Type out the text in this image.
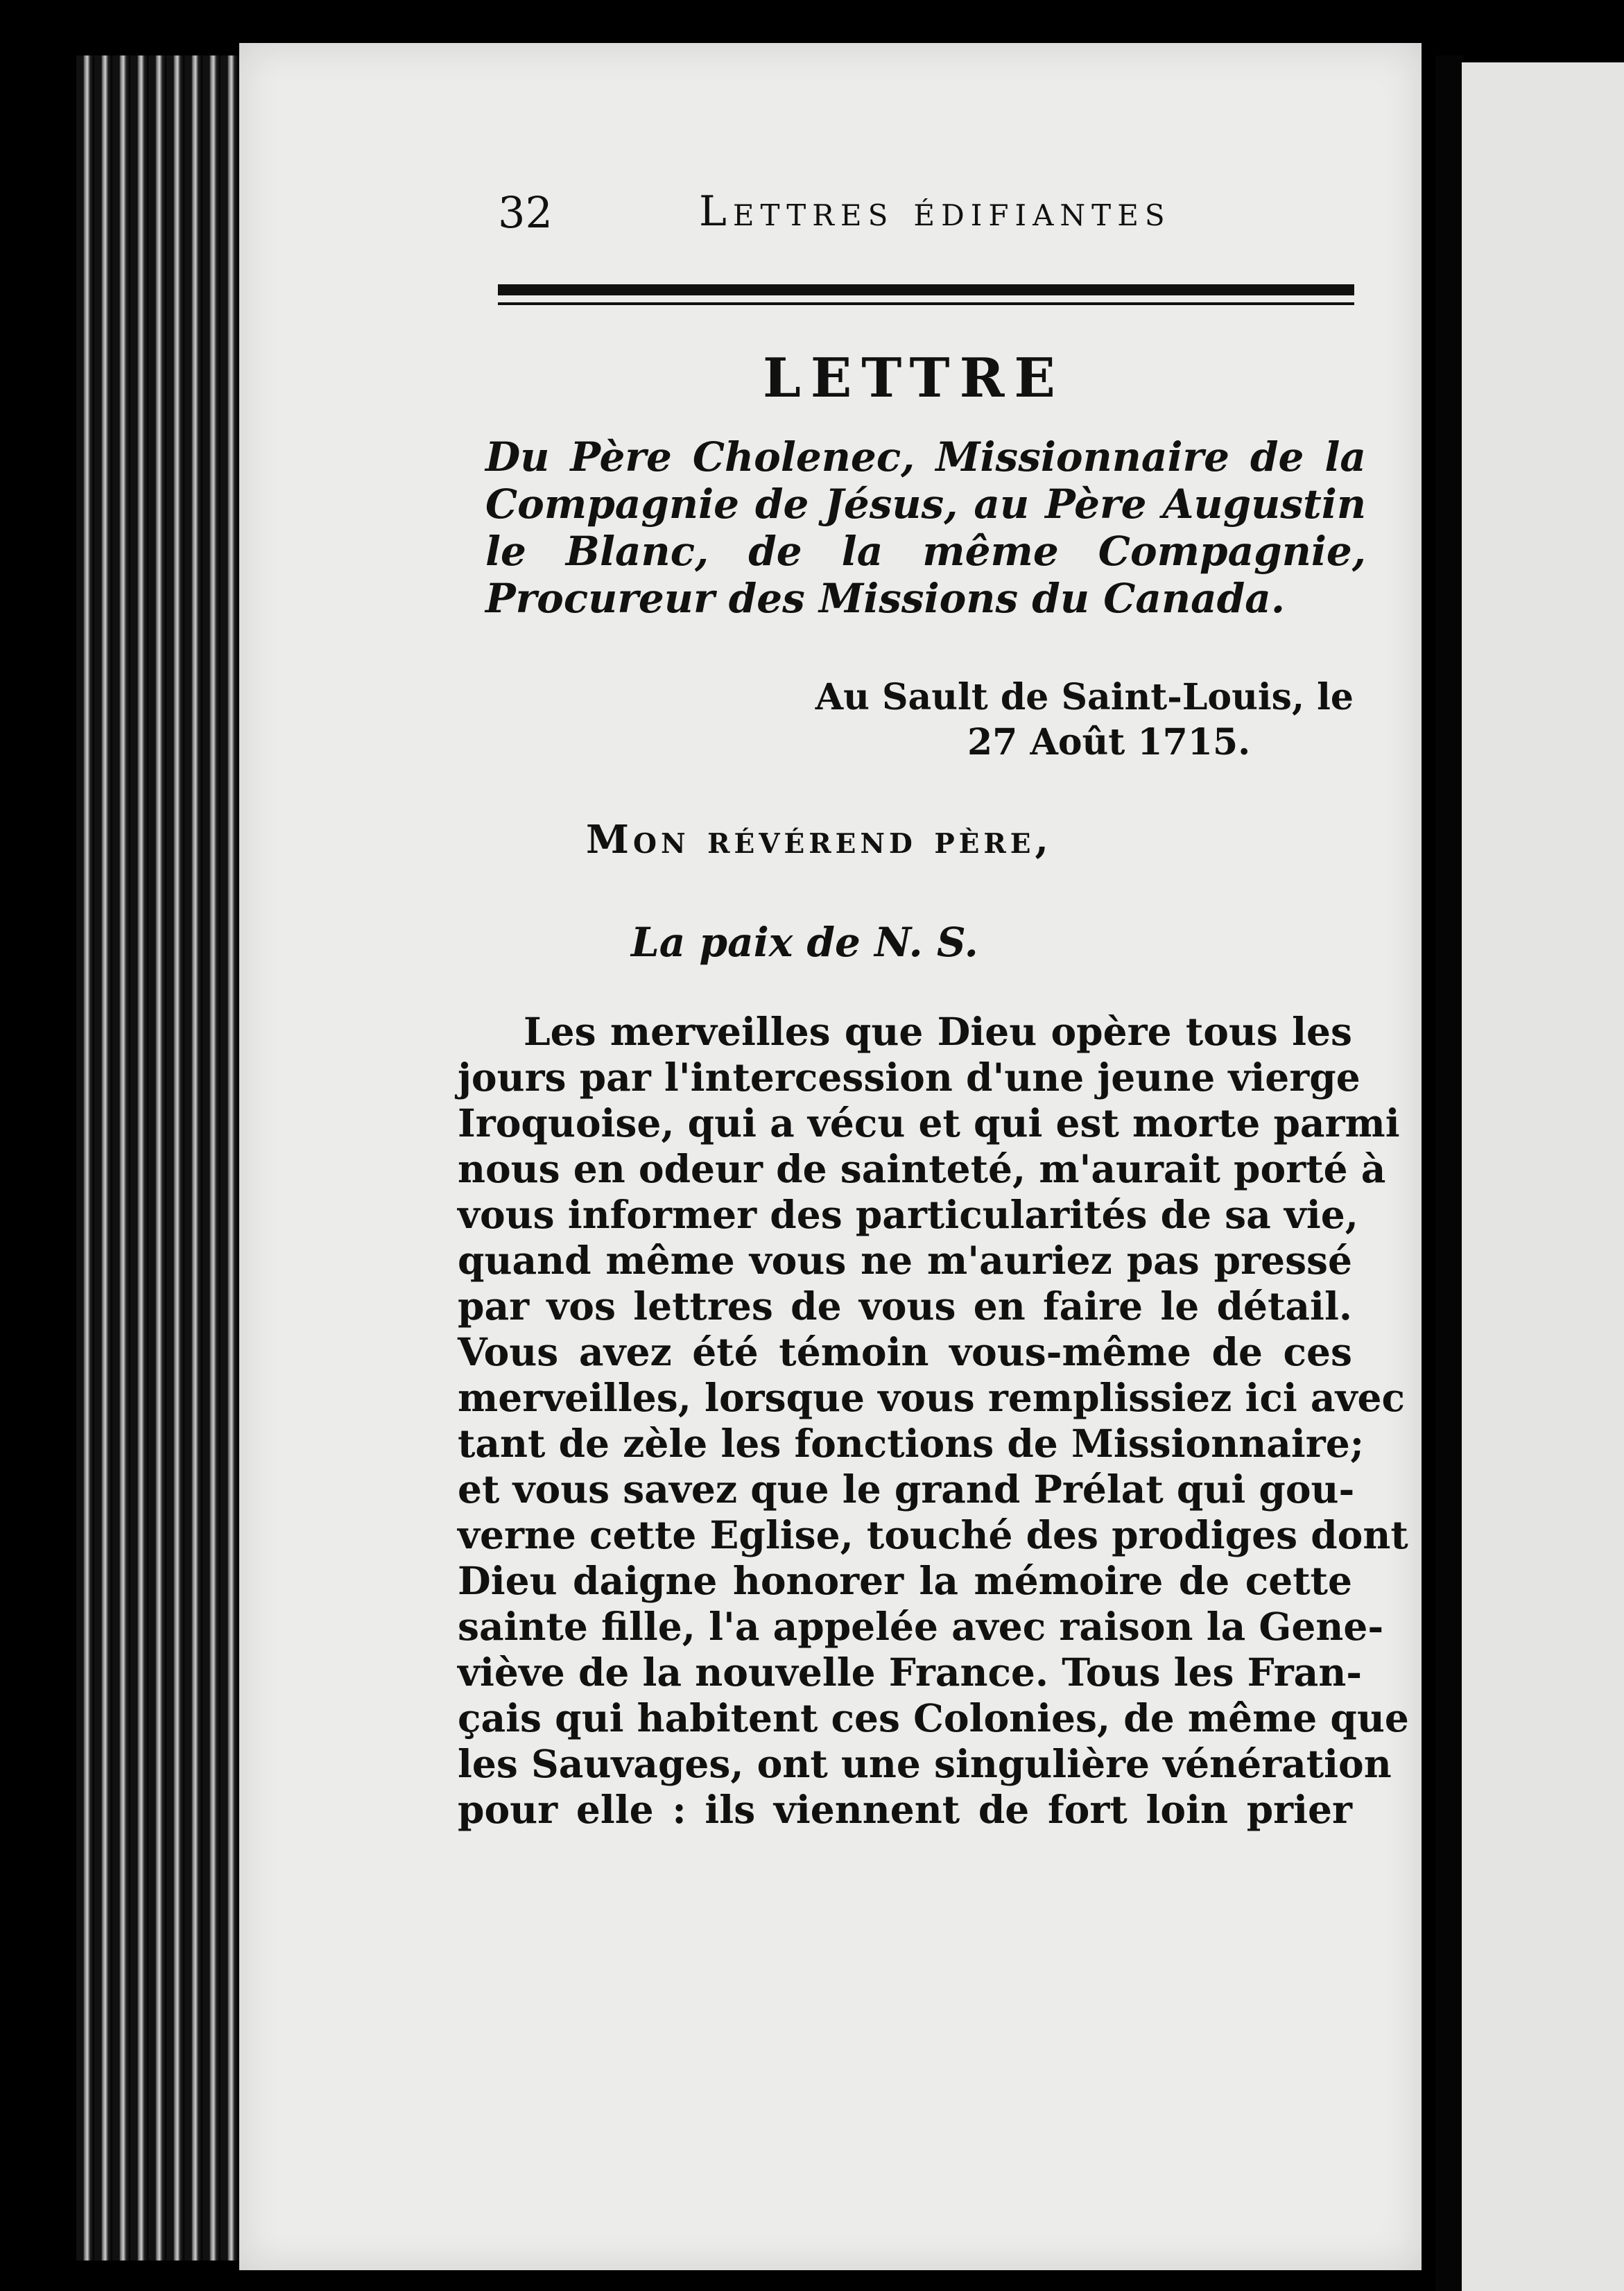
32	Lettres édifiantes
LETTRE
Du Père Cholenec, Missionnaire de la Compagnie de Jésus, au Père Augustin le Blanc, de la même Compagnie, Procureur des Missions du Canada.
Au Sault de Saint-Louis, le
27 Août 1715.
Mon révérend père,
La paix de N. S.
Les merveilles que Dieu opère tous les
jours par l'intercession d'une jeune vierge
Iroquoise, qui a vécu et qui est morte parmi
nous en odeur de sainteté, m'aurait porté à
vous informer des particularités de sa vie,
quand même vous ne m'auriez pas pressé
par vos lettres de vous en faire le détail.
Vous avez été témoin vous-même de ces
merveilles, lorsque vous remplissiez ici avec
tant de zèle les fonctions de Missionnaire;
et vous savez que le grand Prélat qui gou-
verne cette Eglise, touché des prodiges dont
Dieu daigne honorer la mémoire de cette
sainte fille, l'a appelée avec raison la Gene-
viève de la nouvelle France. Tous les Fran-
çais qui habitent ces Colonies, de même que
les Sauvages, ont une singulière vénération
pour elle : ils viennent de fort loin prier
